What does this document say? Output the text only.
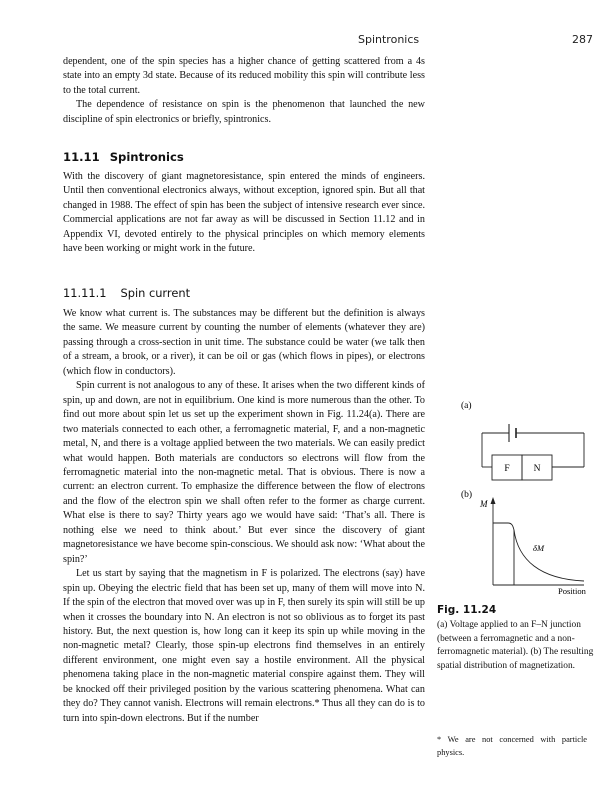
Spintronics	287

dependent, one of the spin species has a higher chance of getting scattered from a 4s state into an empty 3d state. Because of its reduced mobility this spin will contribute less to the total current.

The dependence of resistance on spin is the phenomenon that launched the new discipline of spin electronics or briefly, spintronics.

11.11 Spintronics

With the discovery of giant magnetoresistance, spin entered the minds of engineers. Until then conventional electronics always, without exception, ignored spin. But all that changed in 1988. The effect of spin has been the subject of intensive research ever since. Commercial applications are not far away as will be discussed in Section 11.12 and in Appendix VI, devoted entirely to the physical principles on which memory elements have been working or might work in the future.

11.11.1 Spin current

We know what current is. The substances may be different but the definition is always the same. We measure current by counting the number of elements (whatever they are) passing through a cross-section in unit time. The substance could be water (we talk then of a stream, a brook, or a river), it can be oil or gas (which flows in pipes), or electrons (which flow in conductors).

Spin current is not analogous to any of these. It arises when the two different kinds of spin, up and down, are not in equilibrium. One kind is more numerous than the other. To find out more about spin let us set up the experiment shown in Fig. 11.24(a). There are two materials connected to each other, a ferromagnetic material, F, and a non-magnetic metal, N, and there is a voltage applied between the two materials. We can easily predict what would happen. Both materials are conductors so electrons will flow from the ferromagnetic material into the non-magnetic metal. That is obvious. There is now a current: an electron current. To emphasize the difference between the flow of electrons and the flow of the electron spin we shall often refer to the former as charge current. What else is there to say? Thirty years ago we would have said: ‘That’s all. There is nothing else we need to think about.’ But ever since the discovery of giant magnetoresistance we have become spin-conscious. We should ask now: ‘What about the spin?’

Let us start by saying that the magnetism in F is polarized. The electrons (say) have spin up. Obeying the electric field that has been set up, many of them will move into N. If the spin of the electron that moved over was up in F, then surely its spin will still be up when it crosses the boundary into N. An electron is not so oblivious as to forget its past history. But, the next question is, how long can it keep its spin up while moving in the non-magnetic metal? Clearly, those spin-up electrons find themselves in an entirely different environment, one might even say a hostile environment. All the physical phenomena taking place in the non-magnetic material conspire against them. They will be knocked off their privileged position by the various scattering phenomena. What can they do? They cannot vanish. Electrons will remain electrons.* Thus all they can do is to turn into spin-down electrons. But if the number

(a)
F	N
(b)
M
δM
Position

Fig. 11.24

(a) Voltage applied to an F–N junction (between a ferromagnetic and a non-ferromagnetic material). (b) The resulting spatial distribution of magnetization.

* We are not concerned with particle physics.
